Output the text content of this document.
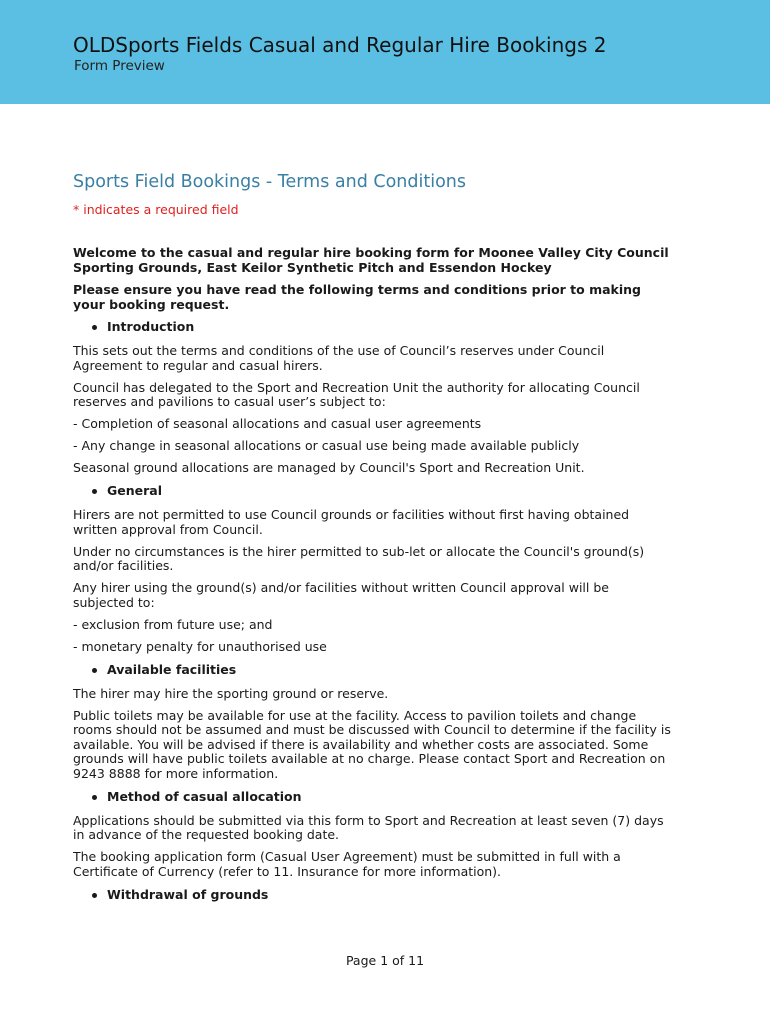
OLDSports Fields Casual and Regular Hire Bookings 2
Form Preview
Sports Field Bookings - Terms and Conditions
* indicates a required field

Welcome to the casual and regular hire booking form for Moonee Valley City Council Sporting Grounds, East Keilor Synthetic Pitch and Essendon Hockey

Please ensure you have read the following terms and conditions prior to making your booking request.

Introduction

This sets out the terms and conditions of the use of Council’s reserves under Council Agreement to regular and casual hirers.

Council has delegated to the Sport and Recreation Unit the authority for allocating Council reserves and pavilions to casual user’s subject to:

- Completion of seasonal allocations and casual user agreements

- Any change in seasonal allocations or casual use being made available publicly

Seasonal ground allocations are managed by Council's Sport and Recreation Unit.

General

Hirers are not permitted to use Council grounds or facilities without first having obtained written approval from Council.

Under no circumstances is the hirer permitted to sub-let or allocate the Council's ground(s) and/or facilities.

Any hirer using the ground(s) and/or facilities without written Council approval will be subjected to:

- exclusion from future use; and

- monetary penalty for unauthorised use

Available facilities

The hirer may hire the sporting ground or reserve.

Public toilets may be available for use at the facility. Access to pavilion toilets and change rooms should not be assumed and must be discussed with Council to determine if the facility is available. You will be advised if there is availability and whether costs are associated. Some grounds will have public toilets available at no charge. Please contact Sport and Recreation on 9243 8888 for more information.

Method of casual allocation

Applications should be submitted via this form to Sport and Recreation at least seven (7) days in advance of the requested booking date.

The booking application form (Casual User Agreement) must be submitted in full with a Certificate of Currency (refer to 11. Insurance for more information).

Withdrawal of grounds
Page 1 of 11
